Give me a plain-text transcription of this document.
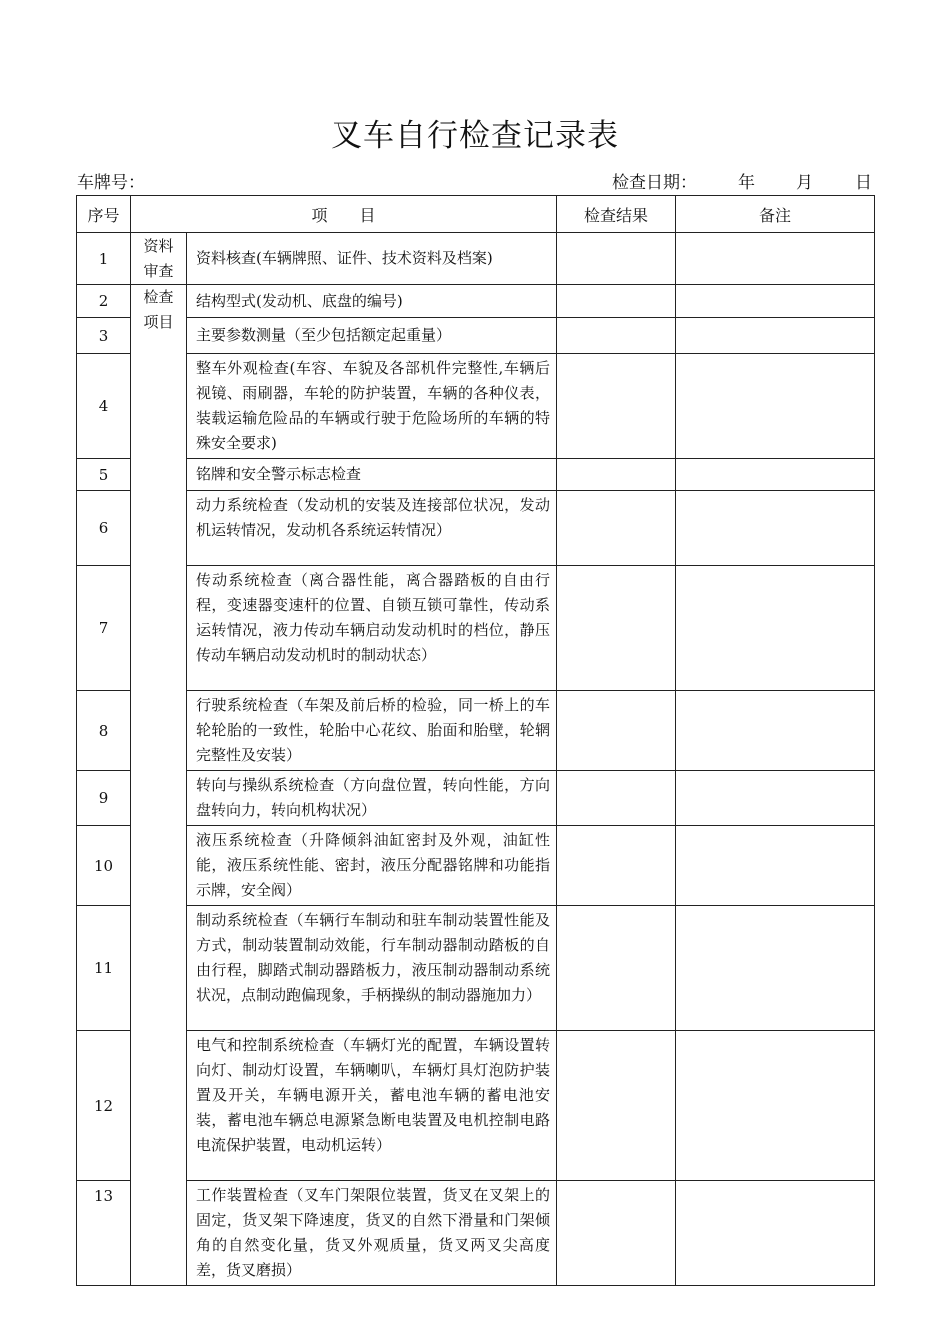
叉车自行检查记录表
车牌号：	检查日期： 年 月 日
序号	项　　目		检查结果	备注
1	资料审查	资料核查(车辆牌照、证件、技术资料及档案)		
2	检查项目	结构型式(发动机、底盘的编号)		
3		主要参数测量（至少包括额定起重量）		
4		整车外观检查(车容、车貌及各部机件完整性,车辆后视镜、雨刷器，车轮的防护装置，车辆的各种仪表，装载运输危险品的车辆或行驶于危险场所的车辆的特殊安全要求)		
5		铭牌和安全警示标志检查		
6		动力系统检查（发动机的安装及连接部位状况，发动机运转情况，发动机各系统运转情况）		
7		传动系统检查（离合器性能，离合器踏板的自由行程，变速器变速杆的位置、自锁互锁可靠性，传动系运转情况，液力传动车辆启动发动机时的档位，静压传动车辆启动发动机时的制动状态）		
8		行驶系统检查（车架及前后桥的检验，同一桥上的车轮轮胎的一致性，轮胎中心花纹、胎面和胎壁，轮辋完整性及安装）		
9		转向与操纵系统检查（方向盘位置，转向性能，方向盘转向力，转向机构状况）		
10		液压系统检查（升降倾斜油缸密封及外观，油缸性能，液压系统性能、密封，液压分配器铭牌和功能指示牌，安全阀）		
11		制动系统检查（车辆行车制动和驻车制动装置性能及方式，制动装置制动效能，行车制动器制动踏板的自由行程，脚踏式制动器踏板力，液压制动器制动系统状况，点制动跑偏现象，手柄操纵的制动器施加力）		
12		电气和控制系统检查（车辆灯光的配置，车辆设置转向灯、制动灯设置，车辆喇叭，车辆灯具灯泡防护装置及开关，车辆电源开关，蓄电池车辆的蓄电池安装，蓄电池车辆总电源紧急断电装置及电机控制电路电流保护装置，电动机运转）		
13		工作装置检查（叉车门架限位装置，货叉在叉架上的固定，货叉架下降速度，货叉的自然下滑量和门架倾角的自然变化量，货叉外观质量，货叉两叉尖高度差，货叉磨损）		
